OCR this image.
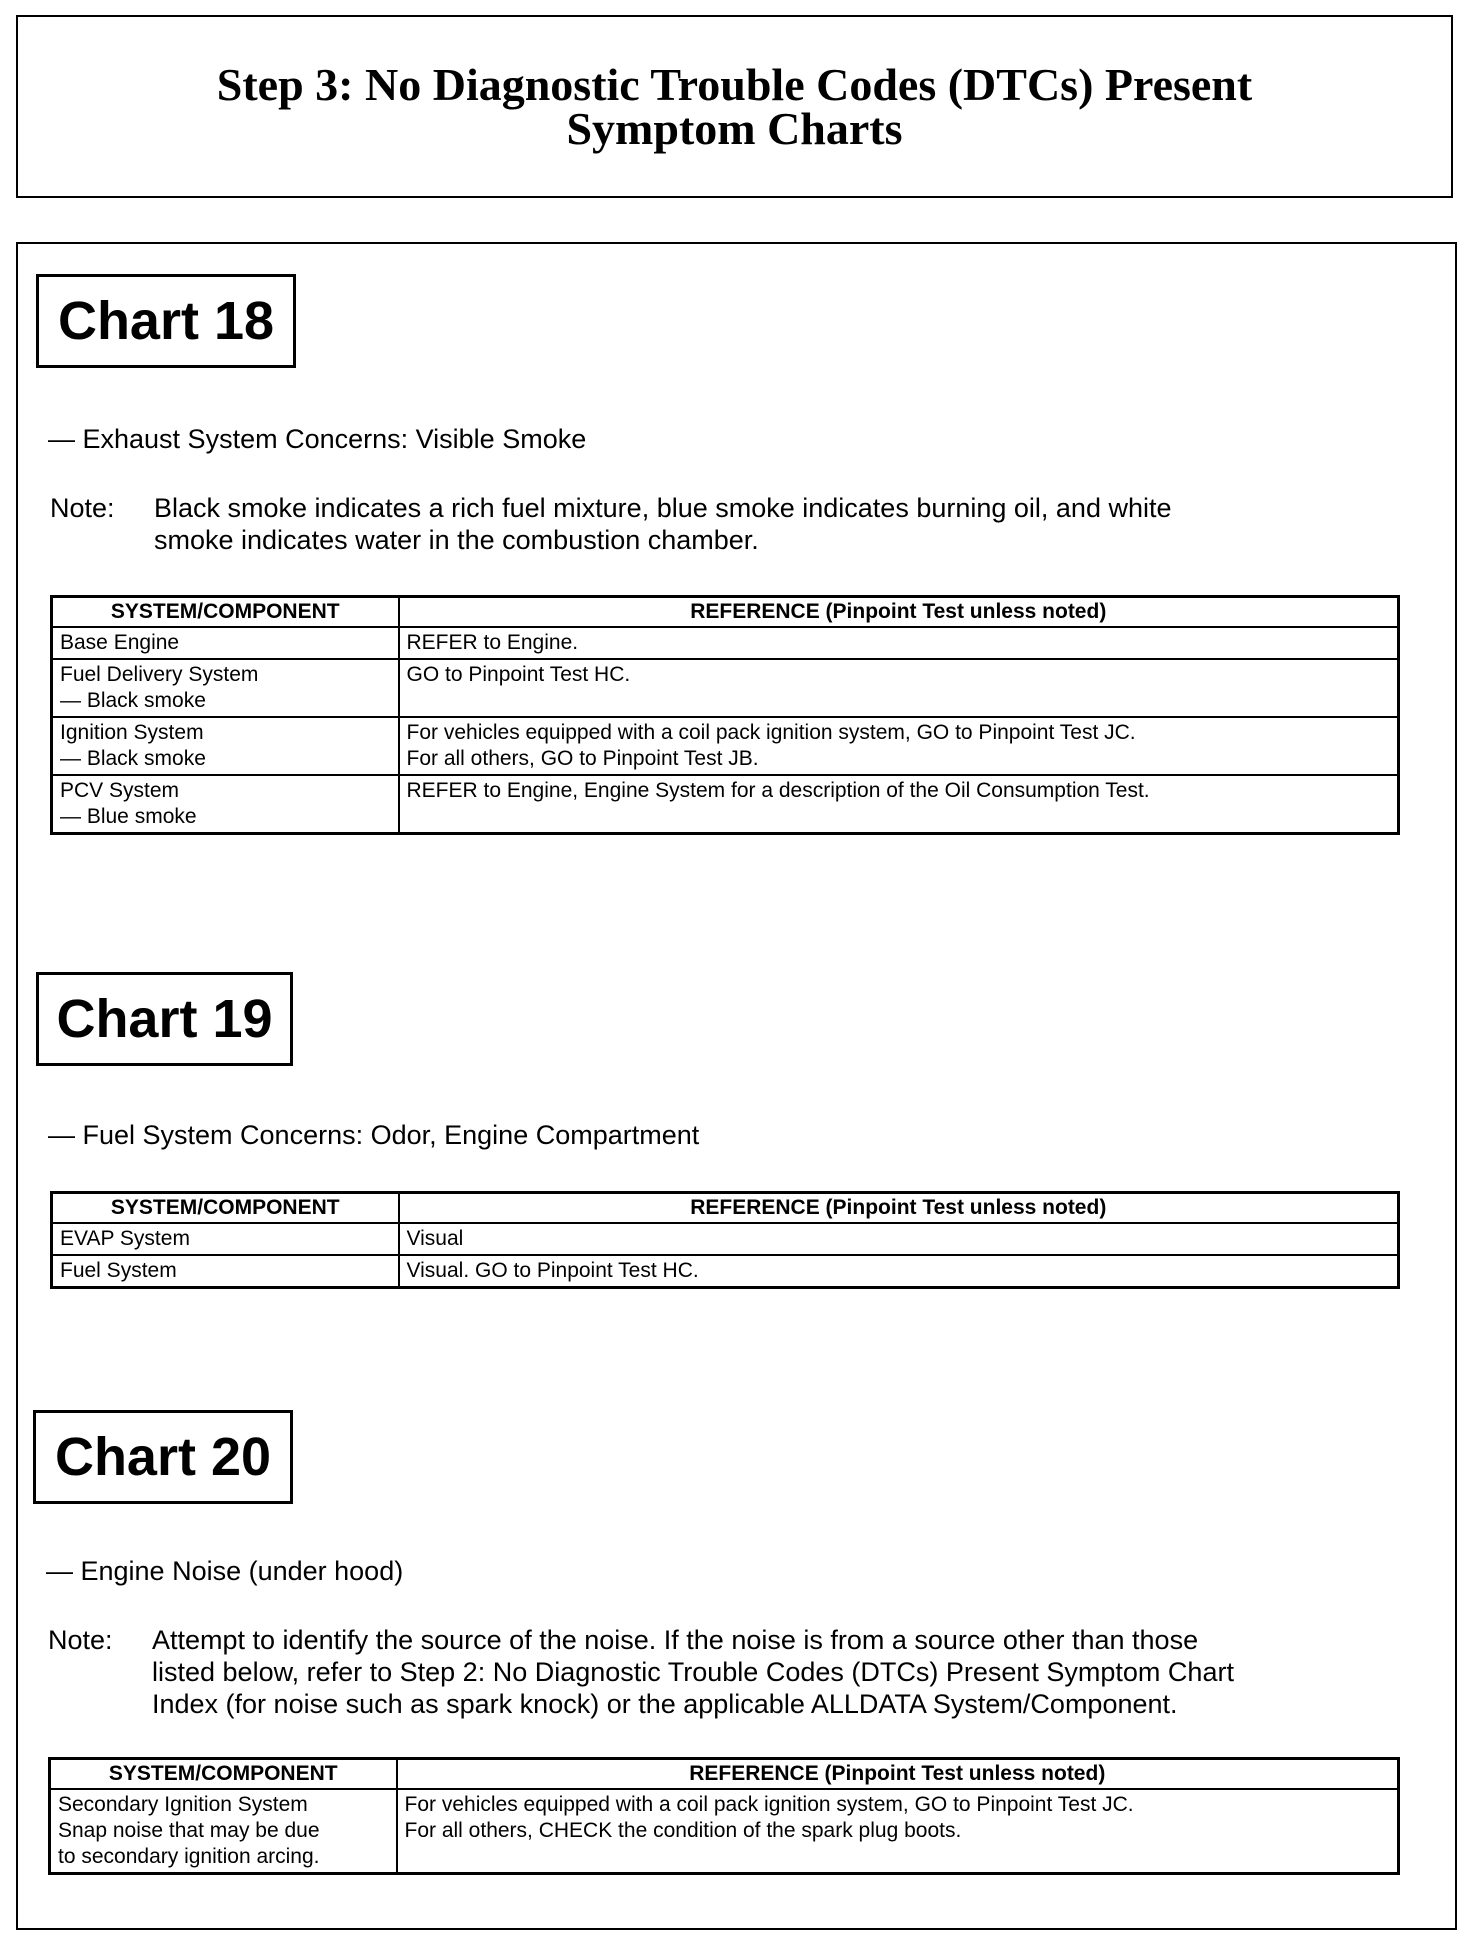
Step 3: No Diagnostic Trouble Codes (DTCs) Present
Symptom Charts
Chart 18
— Exhaust System Concerns: Visible Smoke
Note: Black smoke indicates a rich fuel mixture, blue smoke indicates burning oil, and white
smoke indicates water in the combustion chamber.
SYSTEM/COMPONENT	REFERENCE (Pinpoint Test unless noted)

Base Engine	REFER to Engine.

Fuel Delivery System
— Black smoke	GO to Pinpoint Test HC.

Ignition System
— Black smoke	For vehicles equipped with a coil pack ignition system, GO to Pinpoint Test JC.
For all others, GO to Pinpoint Test JB.

PCV System
— Blue smoke	REFER to Engine, Engine System for a description of the Oil Consumption Test.
Chart 19
— Fuel System Concerns: Odor, Engine Compartment
SYSTEM/COMPONENT	REFERENCE (Pinpoint Test unless noted)

EVAP System	Visual

Fuel System	Visual. GO to Pinpoint Test HC.
Chart 20
— Engine Noise (under hood)
Note: Attempt to identify the source of the noise. If the noise is from a source other than those
listed below, refer to Step 2: No Diagnostic Trouble Codes (DTCs) Present Symptom Chart
Index (for noise such as spark knock) or the applicable ALLDATA System/Component.
SYSTEM/COMPONENT	REFERENCE (Pinpoint Test unless noted)

Secondary Ignition System
Snap noise that may be due
to secondary ignition arcing.	For vehicles equipped with a coil pack ignition system, GO to Pinpoint Test JC.
For all others, CHECK the condition of the spark plug boots.
